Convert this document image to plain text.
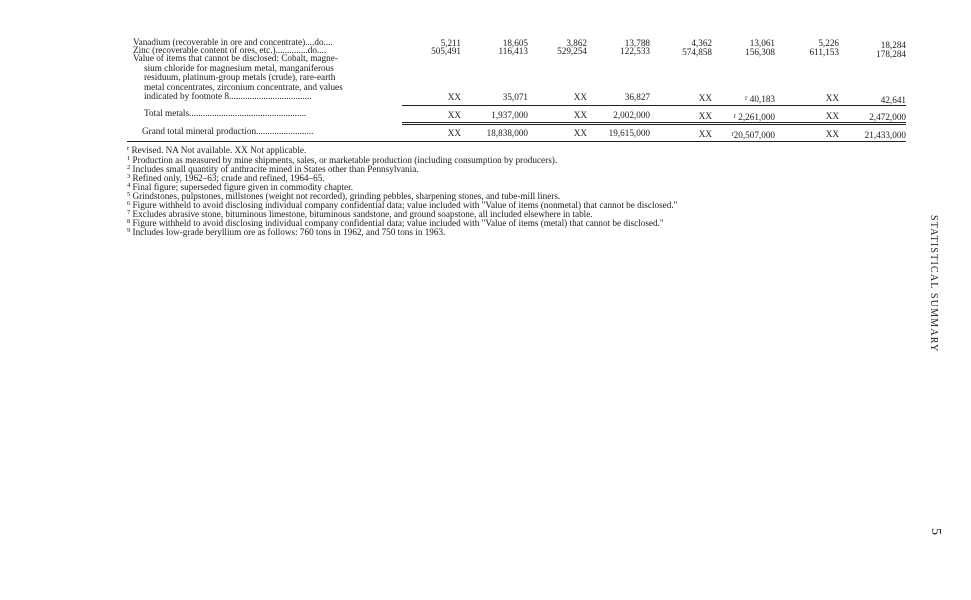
Vanadium (recoverable in ore and concentrate)....do....	5,211	18,605	3,862	13,788	4,362	13,061	5,226	18,284
Zinc (recoverable content of ores, etc.)..............do....	505,491	116,413	529,254	122,533	574,858	156,308	611,153	178,284
Value of items that cannot be disclosed: Cobalt, magne-
sium chloride for magnesium metal, manganiferous
residuum, platinum-group metals (crude), rare-earth
metal concentrates, zirconium concentrate, and values
indicated by footnote 8....................................	XX	35,071	XX	36,827	XX	$^r$ 40,183	XX	42,641
Total metals...................................................	XX	1,937,000	XX	2,002,000	XX	$^r$ 2,261,000	XX	2,472,000
Grand total mineral production.........................	XX	18,838,000	XX	19,615,000	XX	$^r$20,507,000	XX	21,433,000
$^r$ Revised. NA Not available. XX Not applicable.
$^1$ Production as measured by mine shipments, sales, or marketable production (including consumption by producers).
$^2$ Includes small quantity of anthracite mined in States other than Pennsylvania.
$^3$ Refined only, 1962–63; crude and refined, 1964–65.
$^4$ Final figure; superseded figure given in commodity chapter.
$^5$ Grindstones, pulpstones, millstones (weight not recorded), grinding pebbles, sharpening stones, and tube-mill liners.
$^6$ Figure withheld to avoid disclosing individual company confidential data; value included with "Value of items (nonmetal) that cannot be disclosed."
$^7$ Excludes abrasive stone, bituminous limestone, bituminous sandstone, and ground soapstone, all included elsewhere in table.
$^8$ Figure withheld to avoid disclosing individual company confidential data; value included with "Value of items (metal) that cannot be disclosed."
$^9$ Includes low-grade beryllium ore as follows: 760 tons in 1962, and 750 tons in 1963.	STATISTICAL SUMMARY
5
